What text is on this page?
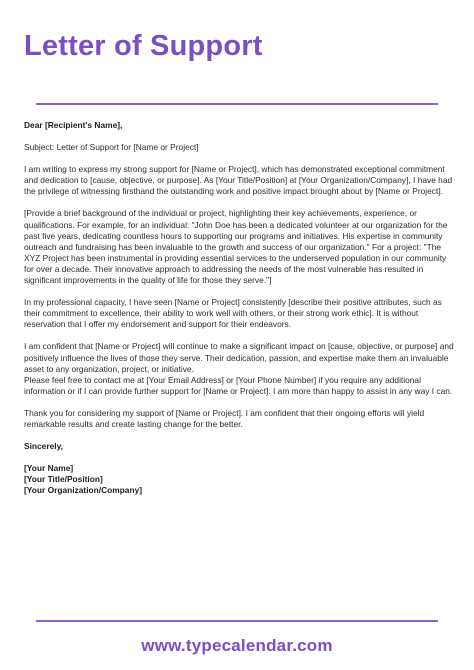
Letter of Support

Dear [Recipient's Name],

Subject: Letter of Support for [Name or Project]

I am writing to express my strong support for [Name or Project], which has demonstrated exceptional commitment and dedication to [cause, objective, or purpose]. As [Your Title/Position] at [Your Organization/Company], I have had the privilege of witnessing firsthand the outstanding work and positive impact brought about by [Name or Project].

[Provide a brief background of the individual or project, highlighting their key achievements, experience, or qualifications. For example, for an individual: "John Doe has been a dedicated volunteer at our organization for the past five years, dedicating countless hours to supporting our programs and initiatives. His expertise in community outreach and fundraising has been invaluable to the growth and success of our organization." For a project: "The XYZ Project has been instrumental in providing essential services to the underserved population in our community for over a decade. Their innovative approach to addressing the needs of the most vulnerable has resulted in significant improvements in the quality of life for those they serve."]

In my professional capacity, I have seen [Name or Project] consistently [describe their positive attributes, such as their commitment to excellence, their ability to work well with others, or their strong work ethic]. It is without reservation that I offer my endorsement and support for their endeavors.

I am confident that [Name or Project] will continue to make a significant impact on [cause, objective, or purpose] and positively influence the lives of those they serve. Their dedication, passion, and expertise make them an invaluable asset to any organization, project, or initiative.
Please feel free to contact me at [Your Email Address] or [Your Phone Number] if you require any additional information or if I can provide further support for [Name or Project]. I am more than happy to assist in any way I can.

Thank you for considering my support of [Name or Project]. I am confident that their ongoing efforts will yield remarkable results and create lasting change for the better.

Sincerely,

[Your Name]
[Your Title/Position]
[Your Organization/Company]
www.typecalendar.com
